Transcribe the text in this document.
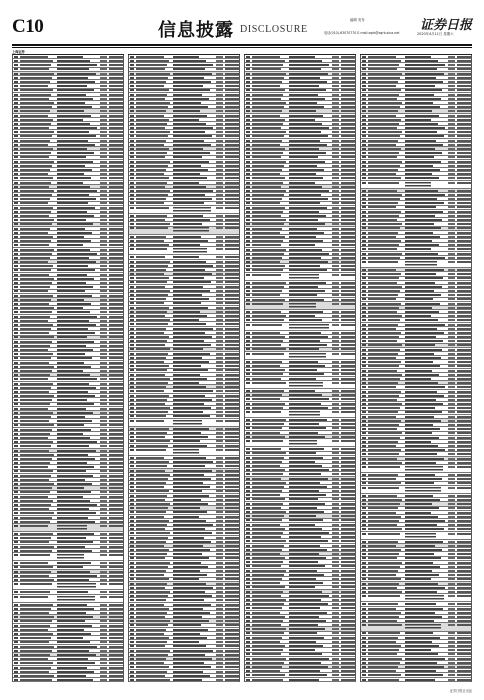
C10	信息披露 DISCLOSURE
编辑 发布
电话(010)-63070770 E-mail:zqrb@zqrb.sina.net 证券日报
2020年4月11日 星期六
上海证券
证券日报社出品
